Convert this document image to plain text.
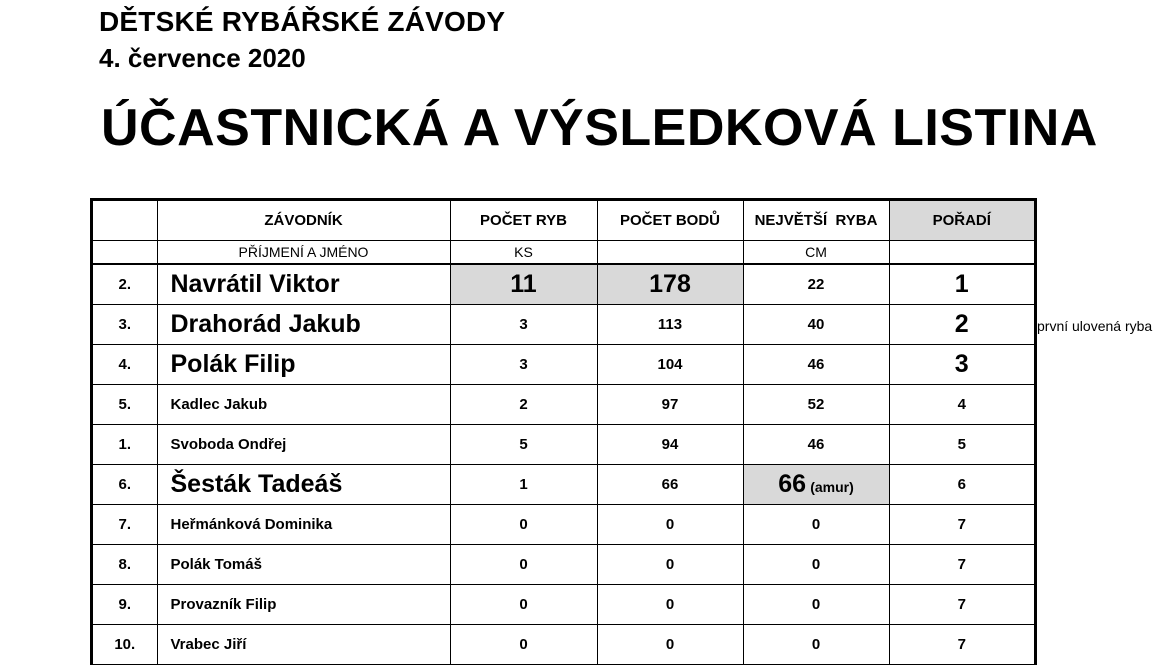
DĚTSKÉ RYBÁŘSKÉ ZÁVODY
4. července 2020
ÚČASTNICKÁ A VÝSLEDKOVÁ LISTINA
	ZÁVODNÍK	POČET RYB	POČET BODŮ	NEJVĚTŠÍ  RYBA	POŘADÍ
	PŘÍJMENÍ A JMÉNO	KS		CM	
2.	Navrátil Viktor	11	178	22	1
3.	Drahorád Jakub	3	113	40	2
4.	Polák Filip	3	104	46	3
5.	Kadlec Jakub	2	97	52	4
1.	Svoboda Ondřej	5	94	46	5
6.	Šesták Tadeáš	1	66	66 (amur)	6
7.	Heřmánková Dominika	0	0	0	7
8.	Polák Tomáš	0	0	0	7
9.	Provazník Filip	0	0	0	7
10.	Vrabec Jiří	0	0	0	7
první ulovená ryba
